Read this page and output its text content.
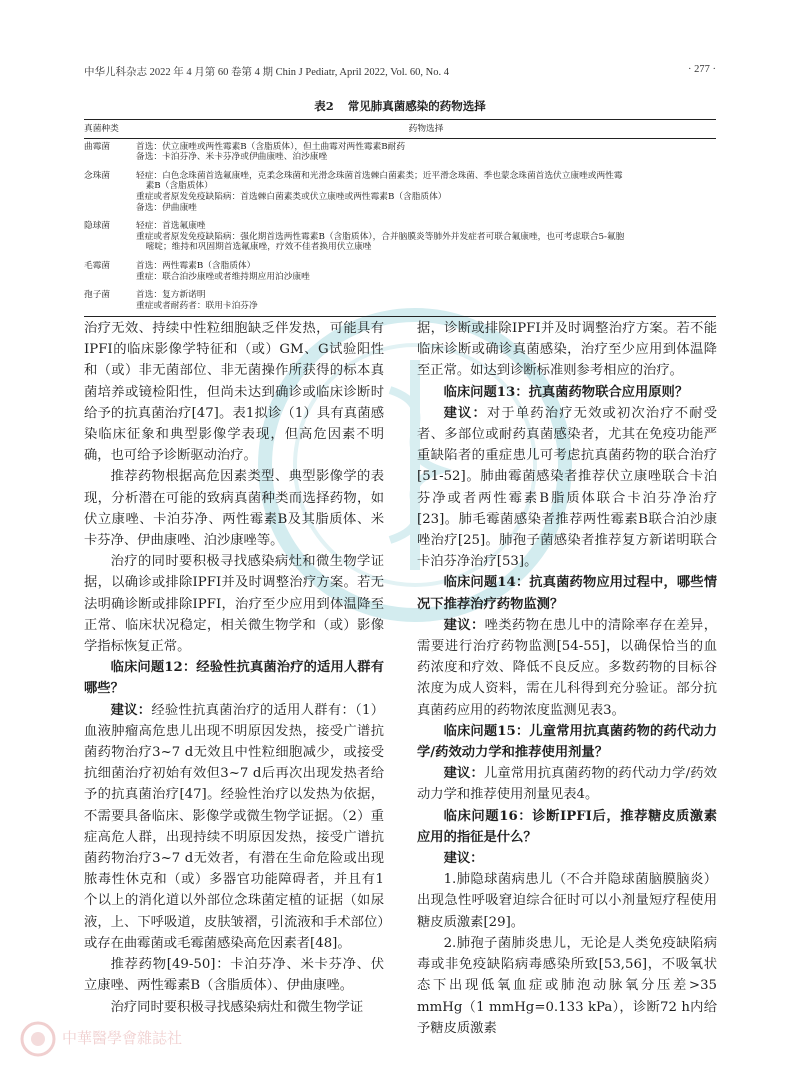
中华儿科杂志 2022 年 4 月第 60 卷第 4 期 Chin J Pediatr, April 2022, Vol. 60, No. 4	· 277 ·
表2 常见肺真菌感染的药物选择
真菌种类	药物选择
曲霉菌	首选：伏立康唑或两性霉素B（含脂质体），但土曲霉对两性霉素B耐药
备选：卡泊芬净、米卡芬净或伊曲康唑、泊沙康唑

念珠菌	轻症：白色念珠菌首选氟康唑，克柔念珠菌和光滑念珠菌首选棘白菌素类；近平滑念珠菌、季也蒙念珠菌首选伏立康唑或两性霉
素B（含脂质体）
重症或者原发免疫缺陷病：首选棘白菌素类或伏立康唑或两性霉素B（含脂质体）
备选：伊曲康唑

隐球菌	轻症：首选氟康唑
重症或者原发免疫缺陷病：强化期首选两性霉素B（含脂质体），合并脑膜炎等肺外并发症者可联合氟康唑，也可考虑联合5-氟胞
嘧啶；维持和巩固期首选氟康唑，疗效不佳者换用伏立康唑

毛霉菌	首选：两性霉素B（含脂质体）
重症：联合泊沙康唑或者维持期应用泊沙康唑

孢子菌	首选：复方新诺明
重症或者耐药者：联用卡泊芬净

治疗无效、持续中性粒细胞缺乏伴发热，可能具有IPFI的临床影像学特征和（或）GM、G试验阳性和（或）非无菌部位、非无菌操作所获得的标本真菌培养或镜检阳性，但尚未达到确诊或临床诊断时给予的抗真菌治疗[47]。表1拟诊（1）具有真菌感染临床征象和典型影像学表现，但高危因素不明确，也可给予诊断驱动治疗。

推荐药物根据高危因素类型、典型影像学的表现，分析潜在可能的致病真菌种类而选择药物，如伏立康唑、卡泊芬净、两性霉素B及其脂质体、米卡芬净、伊曲康唑、泊沙康唑等。

治疗的同时要积极寻找感染病灶和微生物学证据，以确诊或排除IPFI并及时调整治疗方案。若无法明确诊断或排除IPFI，治疗至少应用到体温降至正常、临床状况稳定，相关微生物学和（或）影像学指标恢复正常。

临床问题12：经验性抗真菌治疗的适用人群有哪些？

建议：经验性抗真菌治疗的适用人群有：（1）血液肿瘤高危患儿出现不明原因发热，接受广谱抗菌药物治疗3~7 d无效且中性粒细胞减少，或接受抗细菌治疗初始有效但3~7 d后再次出现发热者给予的抗真菌治疗[47]。经验性治疗以发热为依据，不需要具备临床、影像学或微生物学证据。（2）重症高危人群，出现持续不明原因发热，接受广谱抗菌药物治疗3~7 d无效者，有潜在生命危险或出现脓毒性休克和（或）多器官功能障碍者，并且有1个以上的消化道以外部位念珠菌定植的证据（如尿液，上、下呼吸道，皮肤皱褶，引流液和手术部位）或存在曲霉菌或毛霉菌感染高危因素者[48]。

推荐药物[49-50]：卡泊芬净、米卡芬净、伏立康唑、两性霉素B（含脂质体）、伊曲康唑。

治疗同时要积极寻找感染病灶和微生物学证

据，诊断或排除IPFI并及时调整治疗方案。若不能临床诊断或确诊真菌感染，治疗至少应用到体温降至正常。如达到诊断标准则参考相应的治疗。

临床问题13：抗真菌药物联合应用原则？

建议：对于单药治疗无效或初次治疗不耐受者、多部位或耐药真菌感染者，尤其在免疫功能严重缺陷者的重症患儿可考虑抗真菌药物的联合治疗[51-52]。肺曲霉菌感染者推荐伏立康唑联合卡泊芬净或者两性霉素B脂质体联合卡泊芬净治疗[23]。肺毛霉菌感染者推荐两性霉素B联合泊沙康唑治疗[25]。肺孢子菌感染者推荐复方新诺明联合卡泊芬净治疗[53]。

临床问题14：抗真菌药物应用过程中，哪些情况下推荐治疗药物监测？

建议：唑类药物在患儿中的清除率存在差异，需要进行治疗药物监测[54-55]，以确保恰当的血药浓度和疗效、降低不良反应。多数药物的目标谷浓度为成人资料，需在儿科得到充分验证。部分抗真菌药应用的药物浓度监测见表3。

临床问题15：儿童常用抗真菌药物的药代动力学/药效动力学和推荐使用剂量？

建议：儿童常用抗真菌药物的药代动力学/药效动力学和推荐使用剂量见表4。

临床问题16：诊断IPFI后，推荐糖皮质激素应用的指征是什么？

建议：

1.肺隐球菌病患儿（不合并隐球菌脑膜脑炎）出现急性呼吸窘迫综合征时可以小剂量短疗程使用糖皮质激素[29]。

2.肺孢子菌肺炎患儿，无论是人类免疫缺陷病毒或非免疫缺陷病毒感染所致[53,56]，不吸氧状态下出现低氧血症或肺泡动脉氧分压差>35 mmHg（1 mmHg=0.133 kPa），诊断72 h内给予糖皮质激素

中華醫學會雜誌社
